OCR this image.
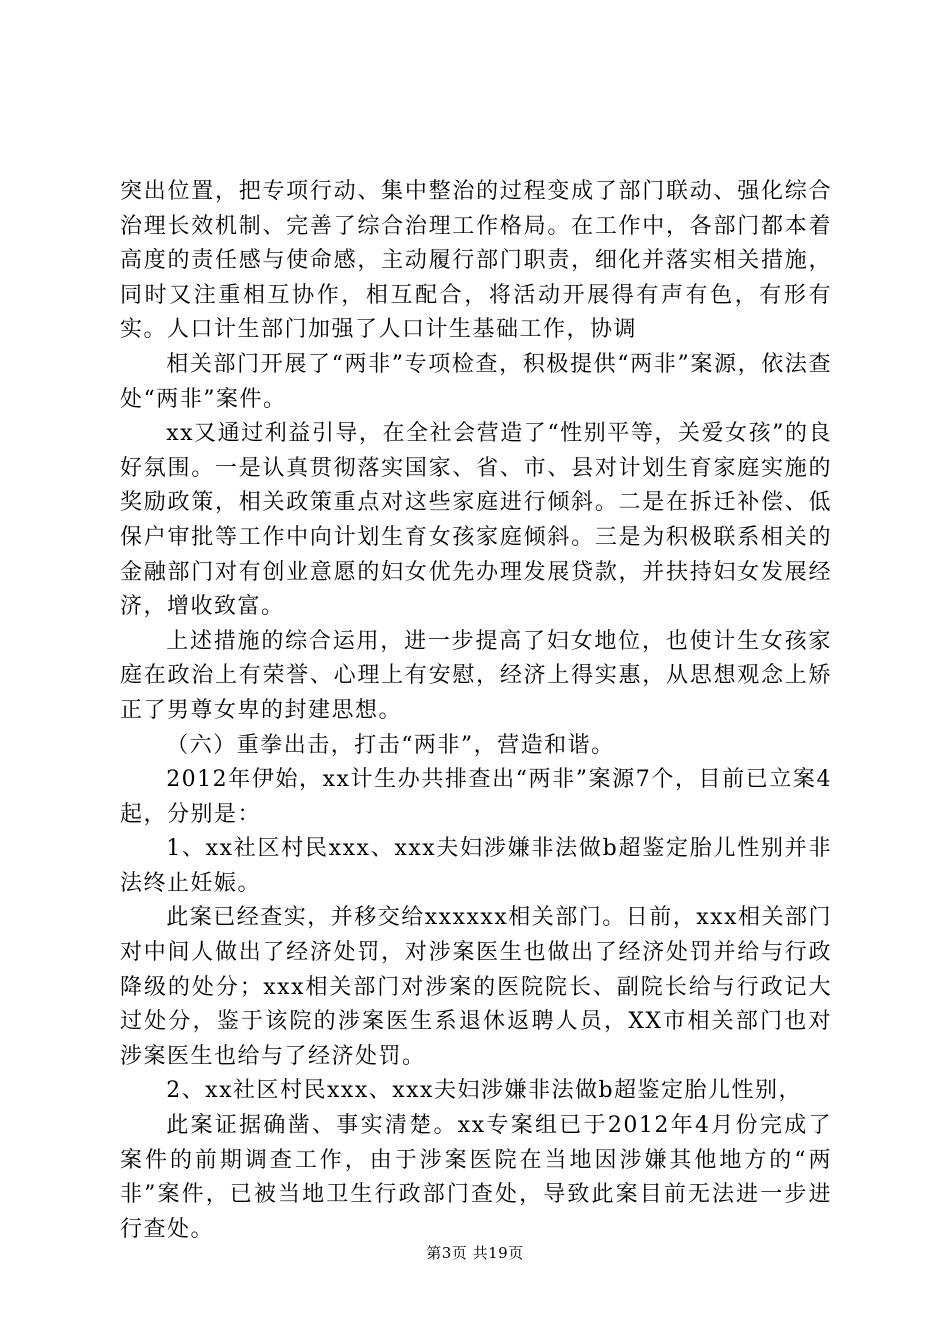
突出位置，把专项行动、集中整治的过程变成了部门联动、强化综合治理长效机制、完善了综合治理工作格局。在工作中，各部门都本着高度的责任感与使命感，主动履行部门职责，细化并落实相关措施，同时又注重相互协作，相互配合，将活动开展得有声有色，有形有实。人口计生部门加强了人口计生基础工作，协调

相关部门开展了“两非”专项检查，积极提供“两非”案源，依法查处“两非”案件。

xx又通过利益引导，在全社会营造了“性别平等，关爱女孩”的良好氛围。一是认真贯彻落实国家、省、市、县对计划生育家庭实施的奖励政策，相关政策重点对这些家庭进行倾斜。二是在拆迁补偿、低保户审批等工作中向计划生育女孩家庭倾斜。三是为积极联系相关的金融部门对有创业意愿的妇女优先办理发展贷款，并扶持妇女发展经济，增收致富。

上述措施的综合运用，进一步提高了妇女地位，也使计生女孩家庭在政治上有荣誉、心理上有安慰，经济上得实惠，从思想观念上矫正了男尊女卑的封建思想。

（六）重拳出击，打击“两非”，营造和谐。

2012年伊始，xx计生办共排查出“两非”案源7个，目前已立案4起，分别是：

1、xx社区村民xxx、xxx夫妇涉嫌非法做b超鉴定胎儿性别并非法终止妊娠。

此案已经查实，并移交给xxxxxx相关部门。日前，xxx相关部门对中间人做出了经济处罚，对涉案医生也做出了经济处罚并给与行政降级的处分；xxx相关部门对涉案的医院院长、副院长给与行政记大过处分，鉴于该院的涉案医生系退休返聘人员，XX市相关部门也对涉案医生也给与了经济处罚。

2、xx社区村民xxx、xxx夫妇涉嫌非法做b超鉴定胎儿性别，

此案证据确凿、事实清楚。xx专案组已于2012年4月份完成了案件的前期调查工作，由于涉案医院在当地因涉嫌其他地方的“两非”案件，已被当地卫生行政部门查处，导致此案目前无法进一步进行查处。

第3页 共19页
